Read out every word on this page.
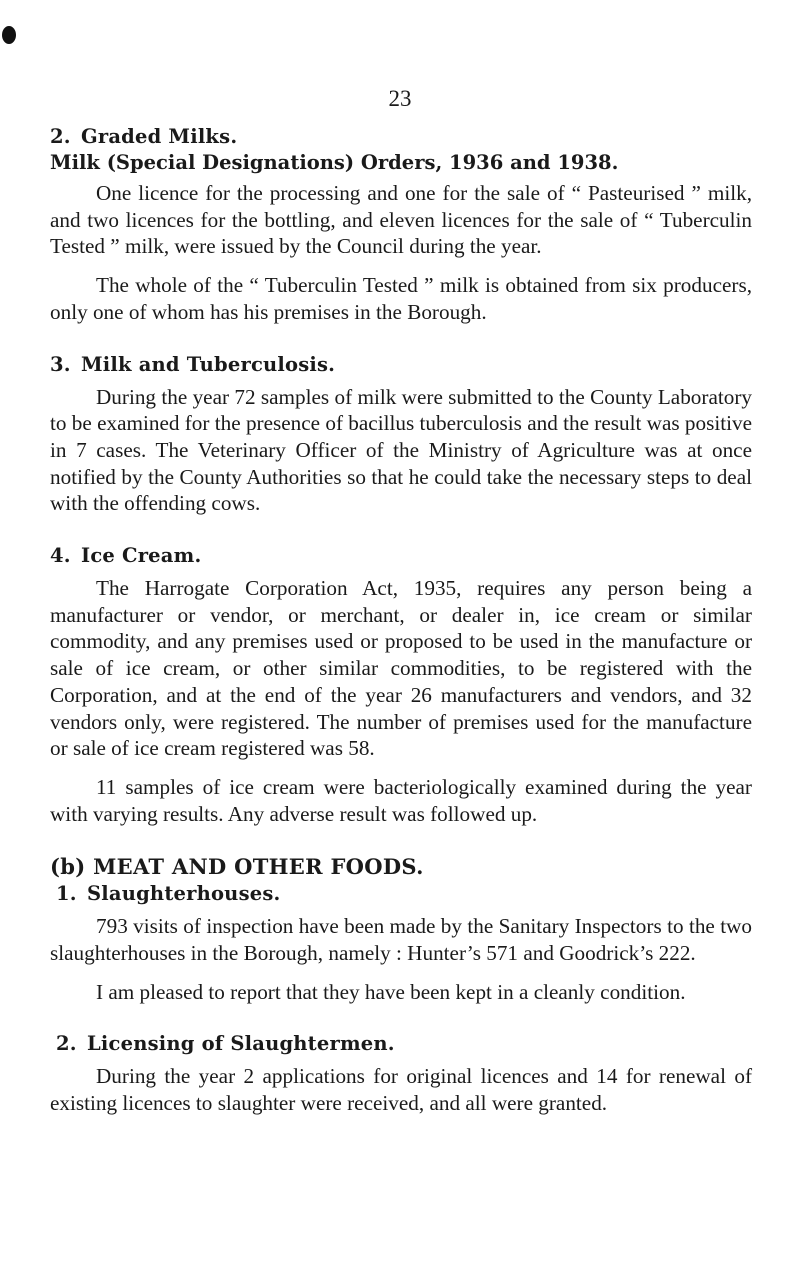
23
2. Graded Milks.
Milk (Special Designations) Orders, 1936 and 1938.

One licence for the processing and one for the sale of “ Pasteurised ” milk, and two licences for the bottling, and eleven licences for the sale of “ Tuberculin Tested ” milk, were issued by the Council during the year.

The whole of the “ Tuberculin Tested ” milk is obtained from six producers, only one of whom has his premises in the Borough.

3. Milk and Tuberculosis.

During the year 72 samples of milk were submitted to the County Laboratory to be examined for the presence of bacillus tuberculosis and the result was positive in 7 cases. The Veterinary Officer of the Ministry of Agriculture was at once notified by the County Authorities so that he could take the necessary steps to deal with the offending cows.

4. Ice Cream.

The Harrogate Corporation Act, 1935, requires any person being a manufacturer or vendor, or merchant, or dealer in, ice cream or similar commodity, and any premises used or proposed to be used in the manufacture or sale of ice cream, or other similar commodities, to be registered with the Corporation, and at the end of the year 26 manufacturers and vendors, and 32 vendors only, were registered. The number of premises used for the manufacture or sale of ice cream registered was 58.

11 samples of ice cream were bacteriologically examined during the year with varying results. Any adverse result was followed up.

(b) MEAT AND OTHER FOODS.
1. Slaughterhouses.

793 visits of inspection have been made by the Sanitary Inspectors to the two slaughterhouses in the Borough, namely : Hunter’s 571 and Goodrick’s 222.

I am pleased to report that they have been kept in a cleanly condition.

2. Licensing of Slaughtermen.

During the year 2 applications for original licences and 14 for renewal of existing licences to slaughter were received, and all were granted.
